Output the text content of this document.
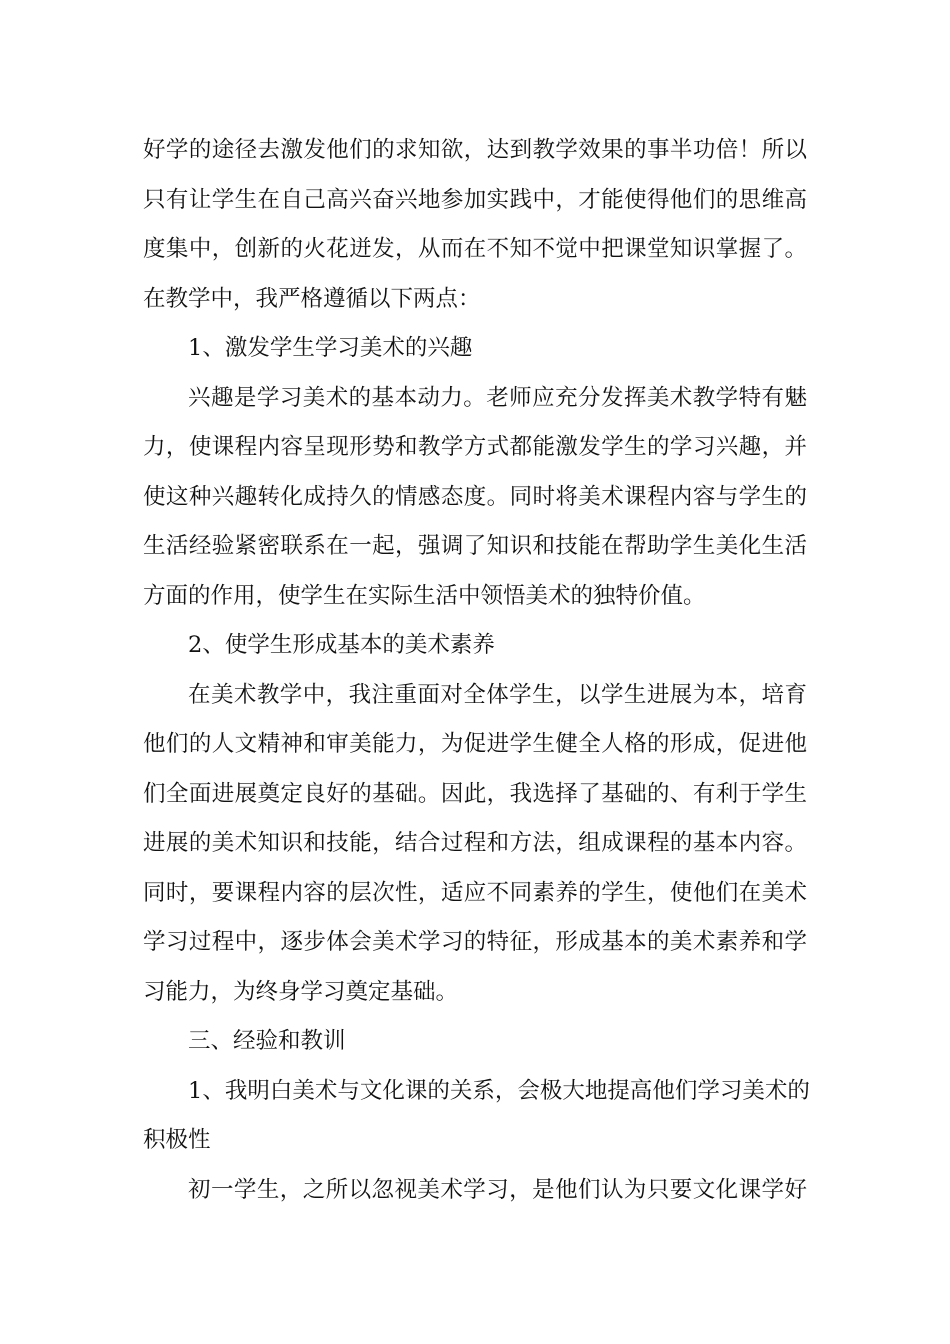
好学的途径去激发他们的求知欲，达到教学效果的事半功倍！所以
只有让学生在自己高兴奋兴地参加实践中，才能使得他们的思维高
度集中，创新的火花迸发，从而在不知不觉中把课堂知识掌握了。
在教学中，我严格遵循以下两点：
1、激发学生学习美术的兴趣
兴趣是学习美术的基本动力。老师应充分发挥美术教学特有魅
力，使课程内容呈现形势和教学方式都能激发学生的学习兴趣，并
使这种兴趣转化成持久的情感态度。同时将美术课程内容与学生的
生活经验紧密联系在一起，强调了知识和技能在帮助学生美化生活
方面的作用，使学生在实际生活中领悟美术的独特价值。
2、使学生形成基本的美术素养
在美术教学中，我注重面对全体学生，以学生进展为本，培育
他们的人文精神和审美能力，为促进学生健全人格的形成，促进他
们全面进展奠定良好的基础。因此，我选择了基础的、有利于学生
进展的美术知识和技能，结合过程和方法，组成课程的基本内容。
同时，要课程内容的层次性，适应不同素养的学生，使他们在美术
学习过程中，逐步体会美术学习的特征，形成基本的美术素养和学
习能力，为终身学习奠定基础。
三、经验和教训
1、我明白美术与文化课的关系，会极大地提高他们学习美术的
积极性
初一学生，之所以忽视美术学习，是他们认为只要文化课学好
